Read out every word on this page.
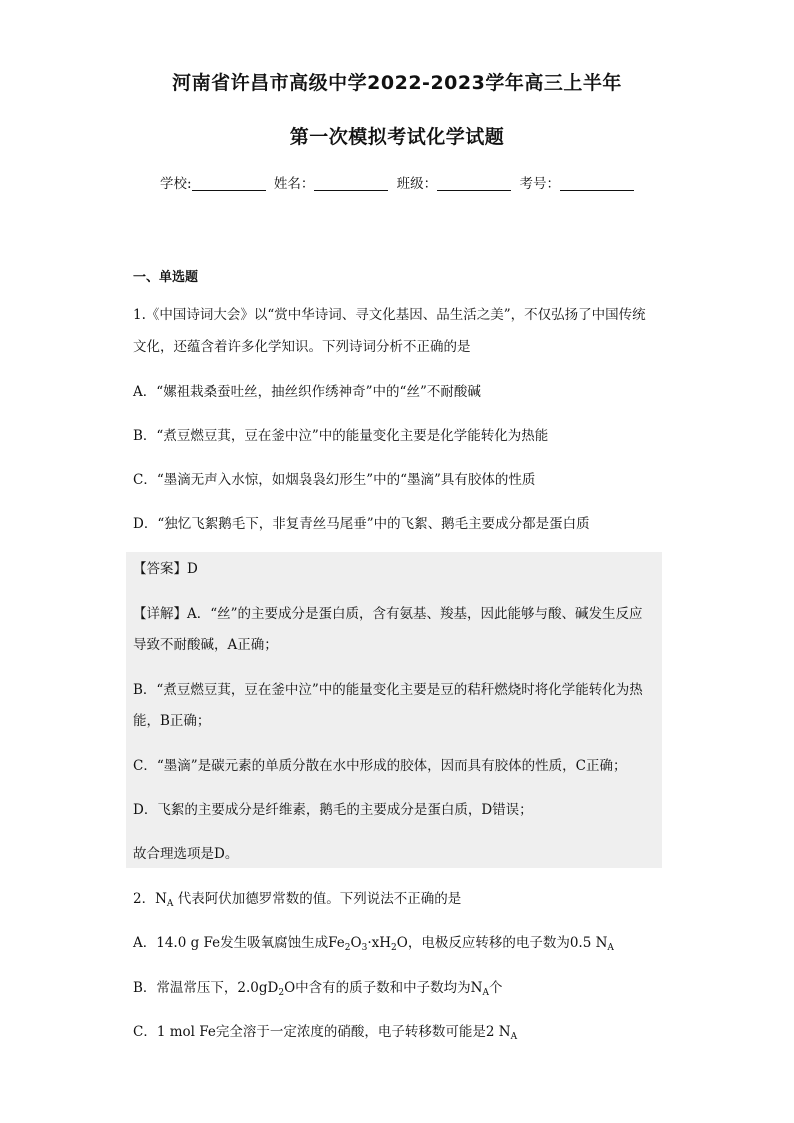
河南省许昌市高级中学2022-2023学年高三上半年
第一次模拟考试化学试题
学校:	姓名：	班级：	考号：
一、单选题
1.《中国诗词大会》以“赏中华诗词、寻文化基因、品生活之美”，不仅弘扬了中国传统
文化，还蕴含着许多化学知识。下列诗词分析不正确的是
A．“嫘祖栽桑蚕吐丝，抽丝织作绣神奇”中的“丝”不耐酸碱
B．“煮豆燃豆萁，豆在釜中泣”中的能量变化主要是化学能转化为热能
C．“墨滴无声入水惊，如烟袅袅幻形生”中的“墨滴”具有胶体的性质
D．“独忆飞絮鹅毛下，非复青丝马尾垂”中的飞絮、鹅毛主要成分都是蛋白质
【答案】D
【详解】A．“丝”的主要成分是蛋白质，含有氨基、羧基，因此能够与酸、碱发生反应
导致不耐酸碱，A正确；
B．“煮豆燃豆萁，豆在釜中泣”中的能量变化主要是豆的秸秆燃烧时将化学能转化为热
能，B正确；
C．“墨滴”是碳元素的单质分散在水中形成的胶体，因而具有胶体的性质，C正确；
D．飞絮的主要成分是纤维素，鹅毛的主要成分是蛋白质，D错误；
故合理选项是D。
2．$N_A$ 代表阿伏加德罗常数的值。下列说法不正确的是
A．14.0 g Fe发生吸氧腐蚀生成$Fe_2O_3\cdot xH_2O$，电极反应转移的电子数为0.5 $N_A$
B．常温常压下，$2.0gD_2O$中含有的质子数和中子数均为$N_A$个
C．1 mol Fe完全溶于一定浓度的硝酸，电子转移数可能是2 $N_A$
